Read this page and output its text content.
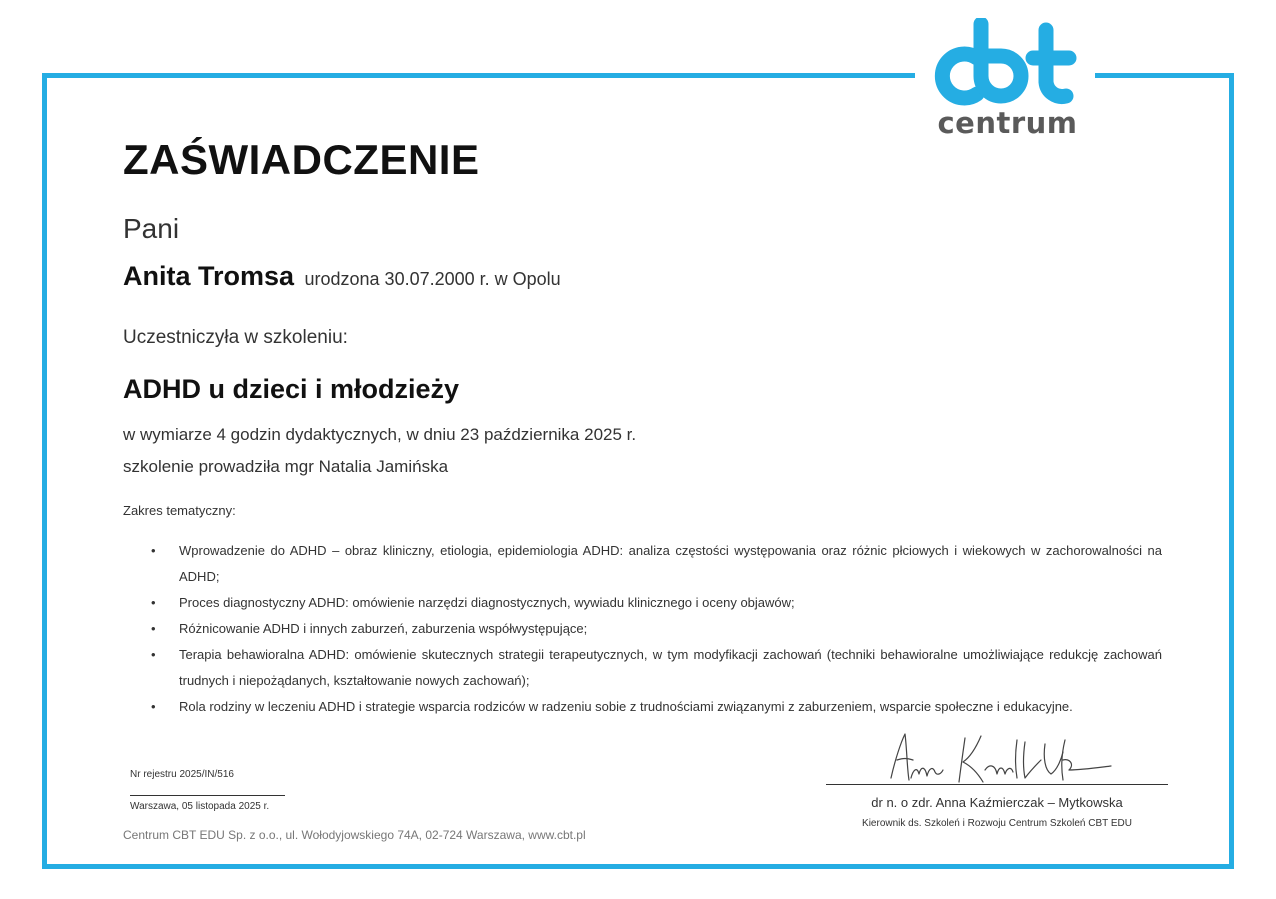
centrum
ZAŚWIADCZENIE
Pani
Anita Tromsa urodzona 30.07.2000 r. w Opolu
Uczestniczyła w szkoleniu:
ADHD u dzieci i młodzieży
w wymiarze 4 godzin dydaktycznych, w dniu 23 października 2025 r.
szkolenie prowadziła mgr Natalia Jamińska
Zakres tematyczny:
• Wprowadzenie do ADHD – obraz kliniczny, etiologia, epidemiologia ADHD: analiza częstości występowania oraz różnic płciowych i wiekowych w zachorowalności na ADHD;
• Proces diagnostyczny ADHD: omówienie narzędzi diagnostycznych, wywiadu klinicznego i oceny objawów;
• Różnicowanie ADHD i innych zaburzeń, zaburzenia współwystępujące;
• Terapia behawioralna ADHD: omówienie skutecznych strategii terapeutycznych, w tym modyfikacji zachowań (techniki behawioralne umożliwiające redukcję zachowań trudnych i niepożądanych, kształtowanie nowych zachowań);
• Rola rodziny w leczeniu ADHD i strategie wsparcia rodziców w radzeniu sobie z trudnościami związanymi z zaburzeniem, wsparcie społeczne i edukacyjne.
Nr rejestru 2025/IN/516
Warszawa, 05 listopada 2025 r.
Centrum CBT EDU Sp. z o.o., ul. Wołodyjowskiego 74A, 02-724 Warszawa, www.cbt.pl
dr n. o zdr. Anna Kaźmierczak – Mytkowska
Kierownik ds. Szkoleń i Rozwoju Centrum Szkoleń CBT EDU
